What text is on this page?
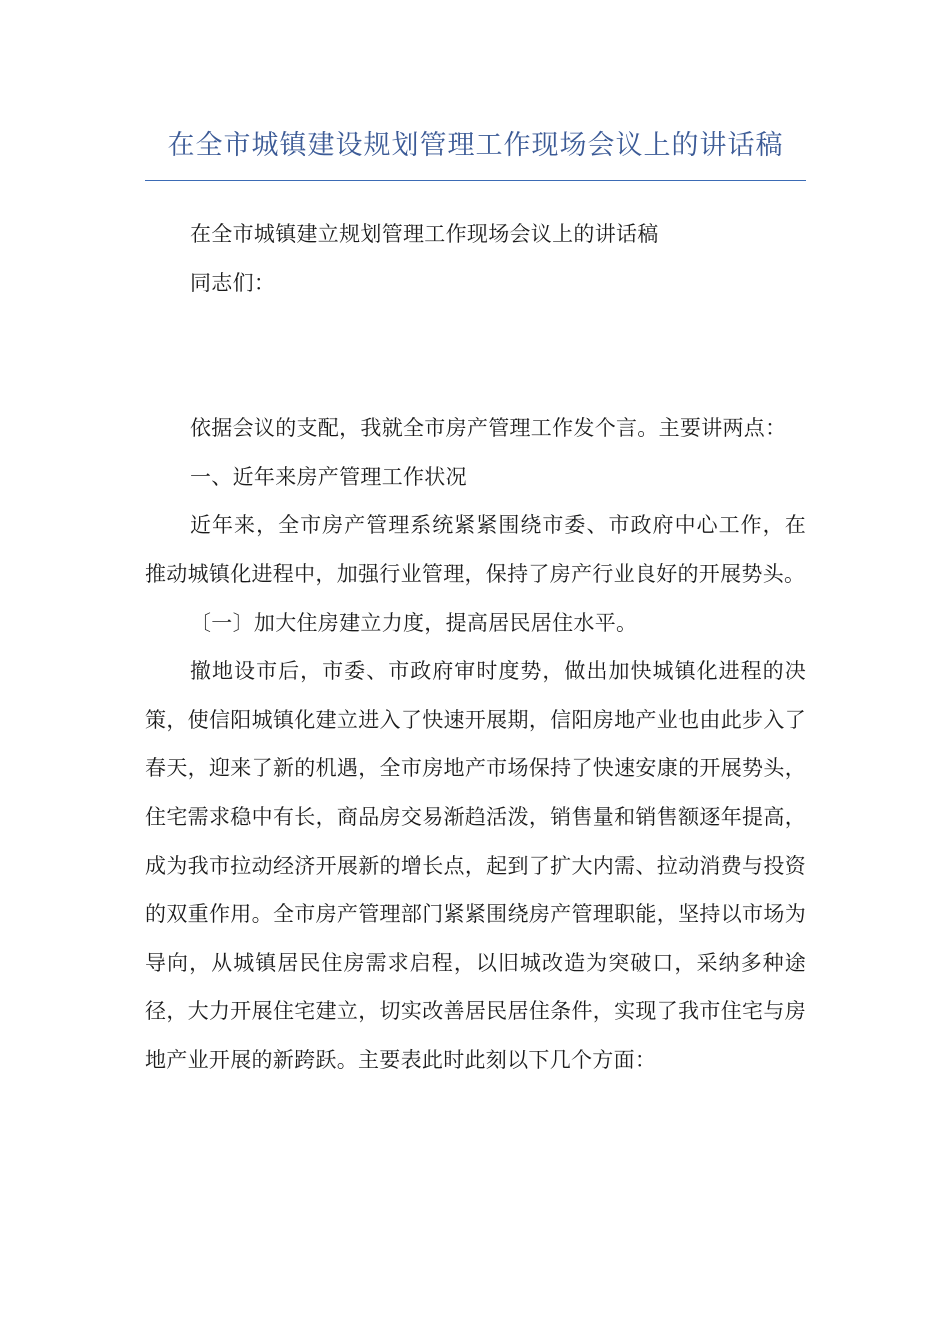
在全市城镇建设规划管理工作现场会议上的讲话稿

在全市城镇建立规划管理工作现场会议上的讲话稿

同志们：

依据会议的支配，我就全市房产管理工作发个言。主要讲两点：

一、近年来房产管理工作状况

近年来，全市房产管理系统紧紧围绕市委、市政府中心工作，在推动城镇化进程中，加强行业管理，保持了房产行业良好的开展势头。

〔一〕加大住房建立力度，提高居民居住水平。

撤地设市后，市委、市政府审时度势，做出加快城镇化进程的决策，使信阳城镇化建立进入了快速开展期，信阳房地产业也由此步入了春天，迎来了新的机遇，全市房地产市场保持了快速安康的开展势头，住宅需求稳中有长，商品房交易渐趋活泼，销售量和销售额逐年提高，成为我市拉动经济开展新的增长点，起到了扩大内需、拉动消费与投资的双重作用。全市房产管理部门紧紧围绕房产管理职能，坚持以市场为导向，从城镇居民住房需求启程，以旧城改造为突破口，采纳多种途径，大力开展住宅建立，切实改善居民居住条件，实现了我市住宅与房地产业开展的新跨跃。主要表此时此刻以下几个方面：
